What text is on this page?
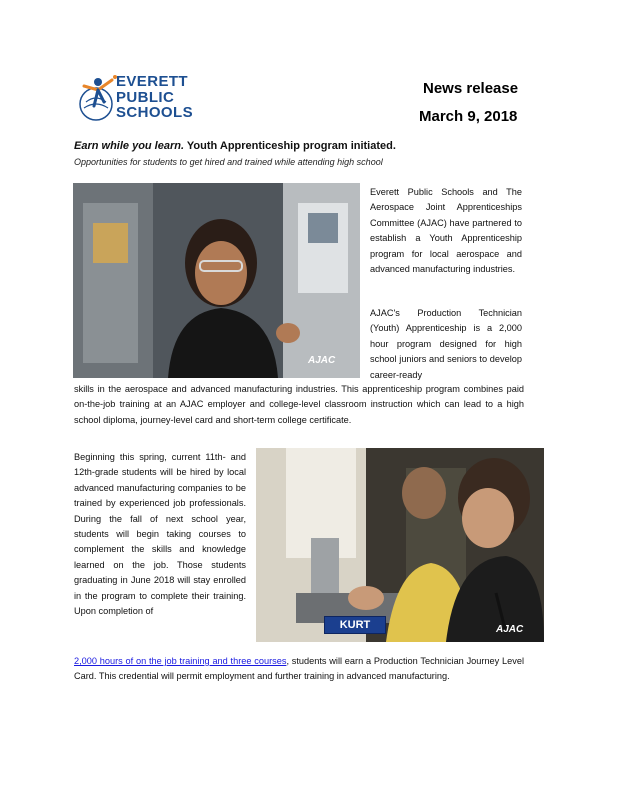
EVERETT
PUBLIC
SCHOOLS
News release
March 9, 2018
Earn while you learn. Youth Apprenticeship program initiated.
Opportunities for students to get hired and trained while attending high school
AJAC
Everett Public Schools and The Aerospace Joint Apprenticeships Committee (AJAC) have partnered to establish a Youth Apprenticeship program for local aerospace and advanced manufacturing industries.
AJAC's Production Technician (Youth) Apprenticeship is a 2,000 hour program designed for high school juniors and seniors to develop career-ready
skills in the aerospace and advanced manufacturing industries. This apprenticeship program combines paid on-the-job training at an AJAC employer and college-level classroom instruction which can lead to a high school diploma, journey-level card and short-term college certificate.
Beginning this spring, current 11th- and 12th-grade students will be hired by local advanced manufacturing companies to be trained by experienced job professionals. During the fall of next school year, students will begin taking courses to complement the skills and knowledge learned on the job. Those students graduating in June 2018 will stay enrolled in the program to complete their training. Upon completion of
2,000 hours of on the job training and three courses, students will earn a Production Technician Journey Level Card. This credential will permit employment and further training in advanced manufacturing.
KURT	AJAC
